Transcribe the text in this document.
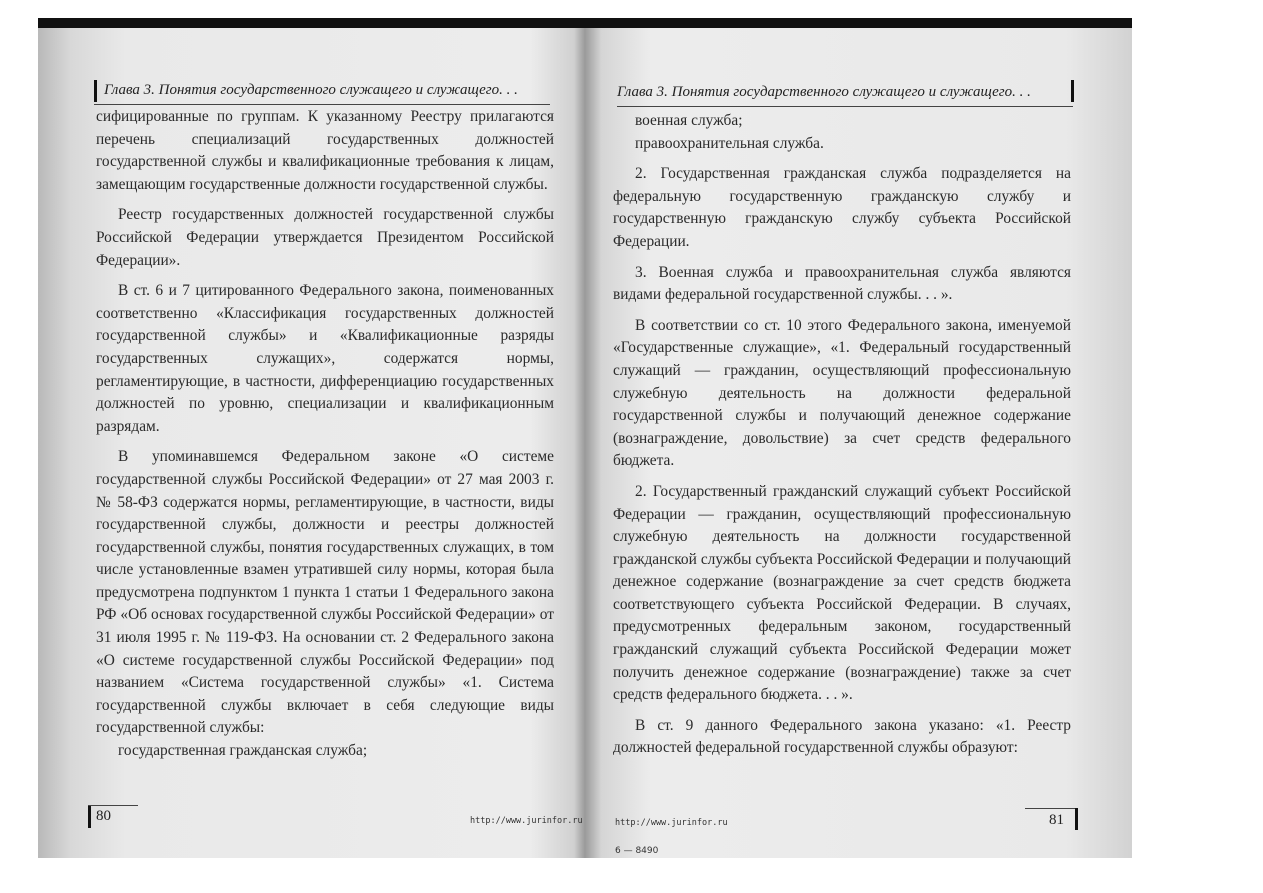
Глава 3. Понятия государственного служащего и служащего. . .

сифицированные по группам. К указанному Реестру прилагаются перечень специализаций государственных должностей государственной службы и квалификационные требования к лицам, замещающим государственные должности государственной службы.

Реестр государственных должностей государственной службы Российской Федерации утверждается Президентом Российской Федерации».

В ст. 6 и 7 цитированного Федерального закона, поименованных соответственно «Классификация государственных должностей государственной службы» и «Квалификационные разряды государственных служащих», содержатся нормы, регламентирующие, в частности, дифференциацию государственных должностей по уровню, специализации и квалификационным разрядам.

В упоминавшемся Федеральном законе «О системе государственной службы Российской Федерации» от 27 мая 2003 г. № 58-ФЗ содержатся нормы, регламентирующие, в частности, виды государственной службы, должности и реестры должностей государственной службы, понятия государственных служащих, в том числе установленные взамен утратившей силу нормы, которая была предусмотрена подпунктом 1 пункта 1 статьи 1 Федерального закона РФ «Об основах государственной службы Российской Федерации» от 31 июля 1995 г. № 119-ФЗ. На основании ст. 2 Федерального закона «О системе государственной службы Российской Федерации» под названием «Система государственной службы» «1. Система государственной службы включает в себя следующие виды государственной службы:

государственная гражданская служба;

80	http://www.jurinfor.ru
Глава 3. Понятия государственного служащего и служащего. . .

военная служба;

правоохранительная служба.

2. Государственная гражданская служба подразделяется на федеральную государственную гражданскую службу и государственную гражданскую службу субъекта Российской Федерации.

3. Военная служба и правоохранительная служба являются видами федеральной государственной службы. . . ».

В соответствии со ст. 10 этого Федерального закона, именуемой «Государственные служащие», «1. Федеральный государственный служащий — гражданин, осуществляющий профессиональную служебную деятельность на должности федеральной государственной службы и получающий денежное содержание (вознаграждение, довольствие) за счет средств федерального бюджета.

2. Государственный гражданский служащий субъект Российской Федерации — гражданин, осуществляющий профессиональную служебную деятельность на должности государственной гражданской службы субъекта Российской Федерации и получающий денежное содержание (вознаграждение за счет средств бюджета соответствующего субъекта Российской Федерации. В случаях, предусмотренных федеральным законом, государственный гражданский служащий субъекта Российской Федерации может получить денежное содержание (вознаграждение) также за счет средств федерального бюджета. . . ».

В ст. 9 данного Федерального закона указано: «1. Реестр должностей федеральной государственной службы образуют:

http://www.jurinfor.ru
6 — 8490
81
